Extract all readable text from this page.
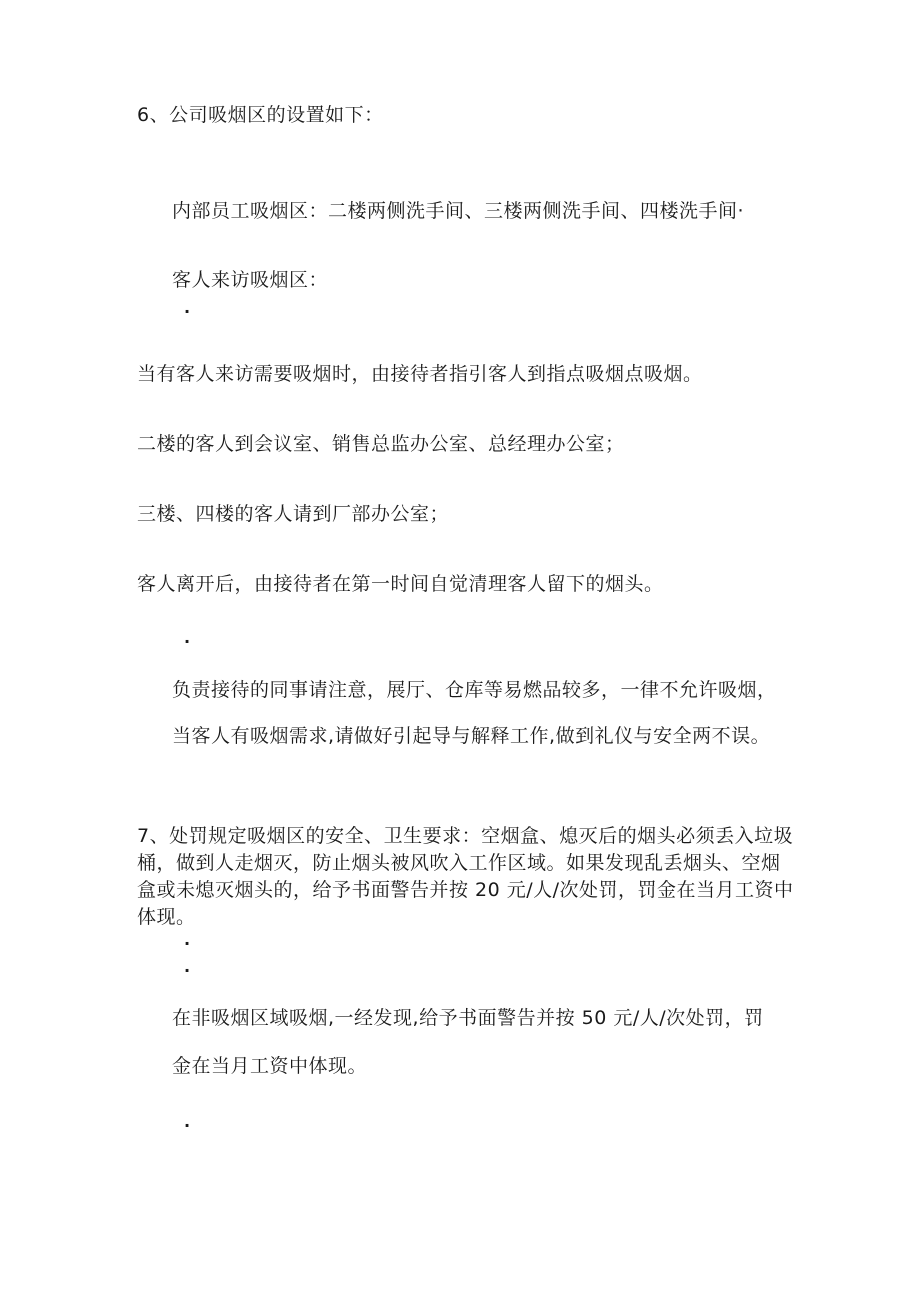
6、公司吸烟区的设置如下：
内部员工吸烟区：二楼两侧洗手间、三楼两侧洗手间、四楼洗手间·
客人来访吸烟区：
·
当有客人来访需要吸烟时，由接待者指引客人到指点吸烟点吸烟。
二楼的客人到会议室、销售总监办公室、总经理办公室；
三楼、四楼的客人请到厂部办公室；
客人离开后，由接待者在第一时间自觉清理客人留下的烟头。
·
负责接待的同事请注意，展厅、仓库等易燃品较多，一律不允许吸烟，
当客人有吸烟需求,请做好引起导与解释工作,做到礼仪与安全两不误。
7、处罚规定吸烟区的安全、卫生要求：空烟盒、熄灭后的烟头必须丢入垃圾桶，做到人走烟灭，防止烟头被风吹入工作区域。如果发现乱丢烟头、空烟盒或未熄灭烟头的，给予书面警告并按 20 元/人/次处罚，罚金在当月工资中体现。
·
·
在非吸烟区域吸烟,一经发现,给予书面警告并按 50 元/人/次处罚，罚
金在当月工资中体现。
·
